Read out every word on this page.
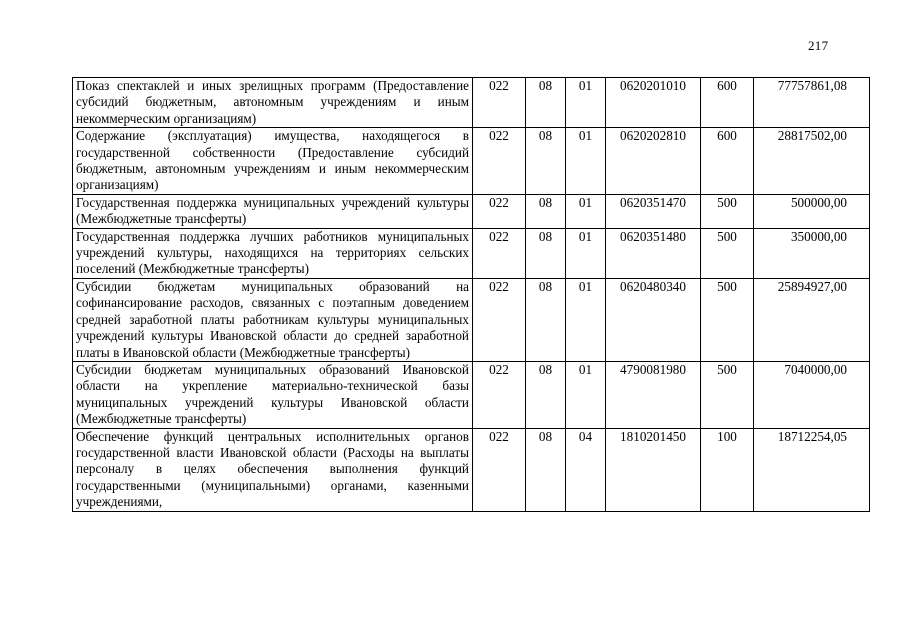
217
Показ спектаклей и иных зрелищных программ (Предоставление субсидий бюджетным, автономным учреждениям и иным некоммерческим организациям)	022	08	01	0620201010	600	77757861,08
Содержание (эксплуатация) имущества, находящегося в государственной собственности (Предоставление субсидий бюджетным, автономным учреждениям и иным некоммерческим организациям)	022	08	01	0620202810	600	28817502,00
Государственная поддержка муниципальных учреждений культуры (Межбюджетные трансферты)	022	08	01	0620351470	500	500000,00
Государственная поддержка лучших работников муниципальных учреждений культуры, находящихся на территориях сельских поселений (Межбюджетные трансферты)	022	08	01	0620351480	500	350000,00
Субсидии бюджетам муниципальных образований на софинансирование расходов, связанных с поэтапным доведением средней заработной платы работникам культуры муниципальных учреждений культуры Ивановской области до средней заработной платы в Ивановской области (Межбюджетные трансферты)	022	08	01	0620480340	500	25894927,00
Субсидии бюджетам муниципальных образований Ивановской области на укрепление материально-технической базы муниципальных учреждений культуры Ивановской области (Межбюджетные трансферты)	022	08	01	4790081980	500	7040000,00
Обеспечение функций центральных исполнительных органов государственной власти Ивановской области (Расходы на выплаты персоналу в целях обеспечения выполнения функций государственными (муниципальными) органами, казенными учреждениями,	022	08	04	1810201450	100	18712254,05
